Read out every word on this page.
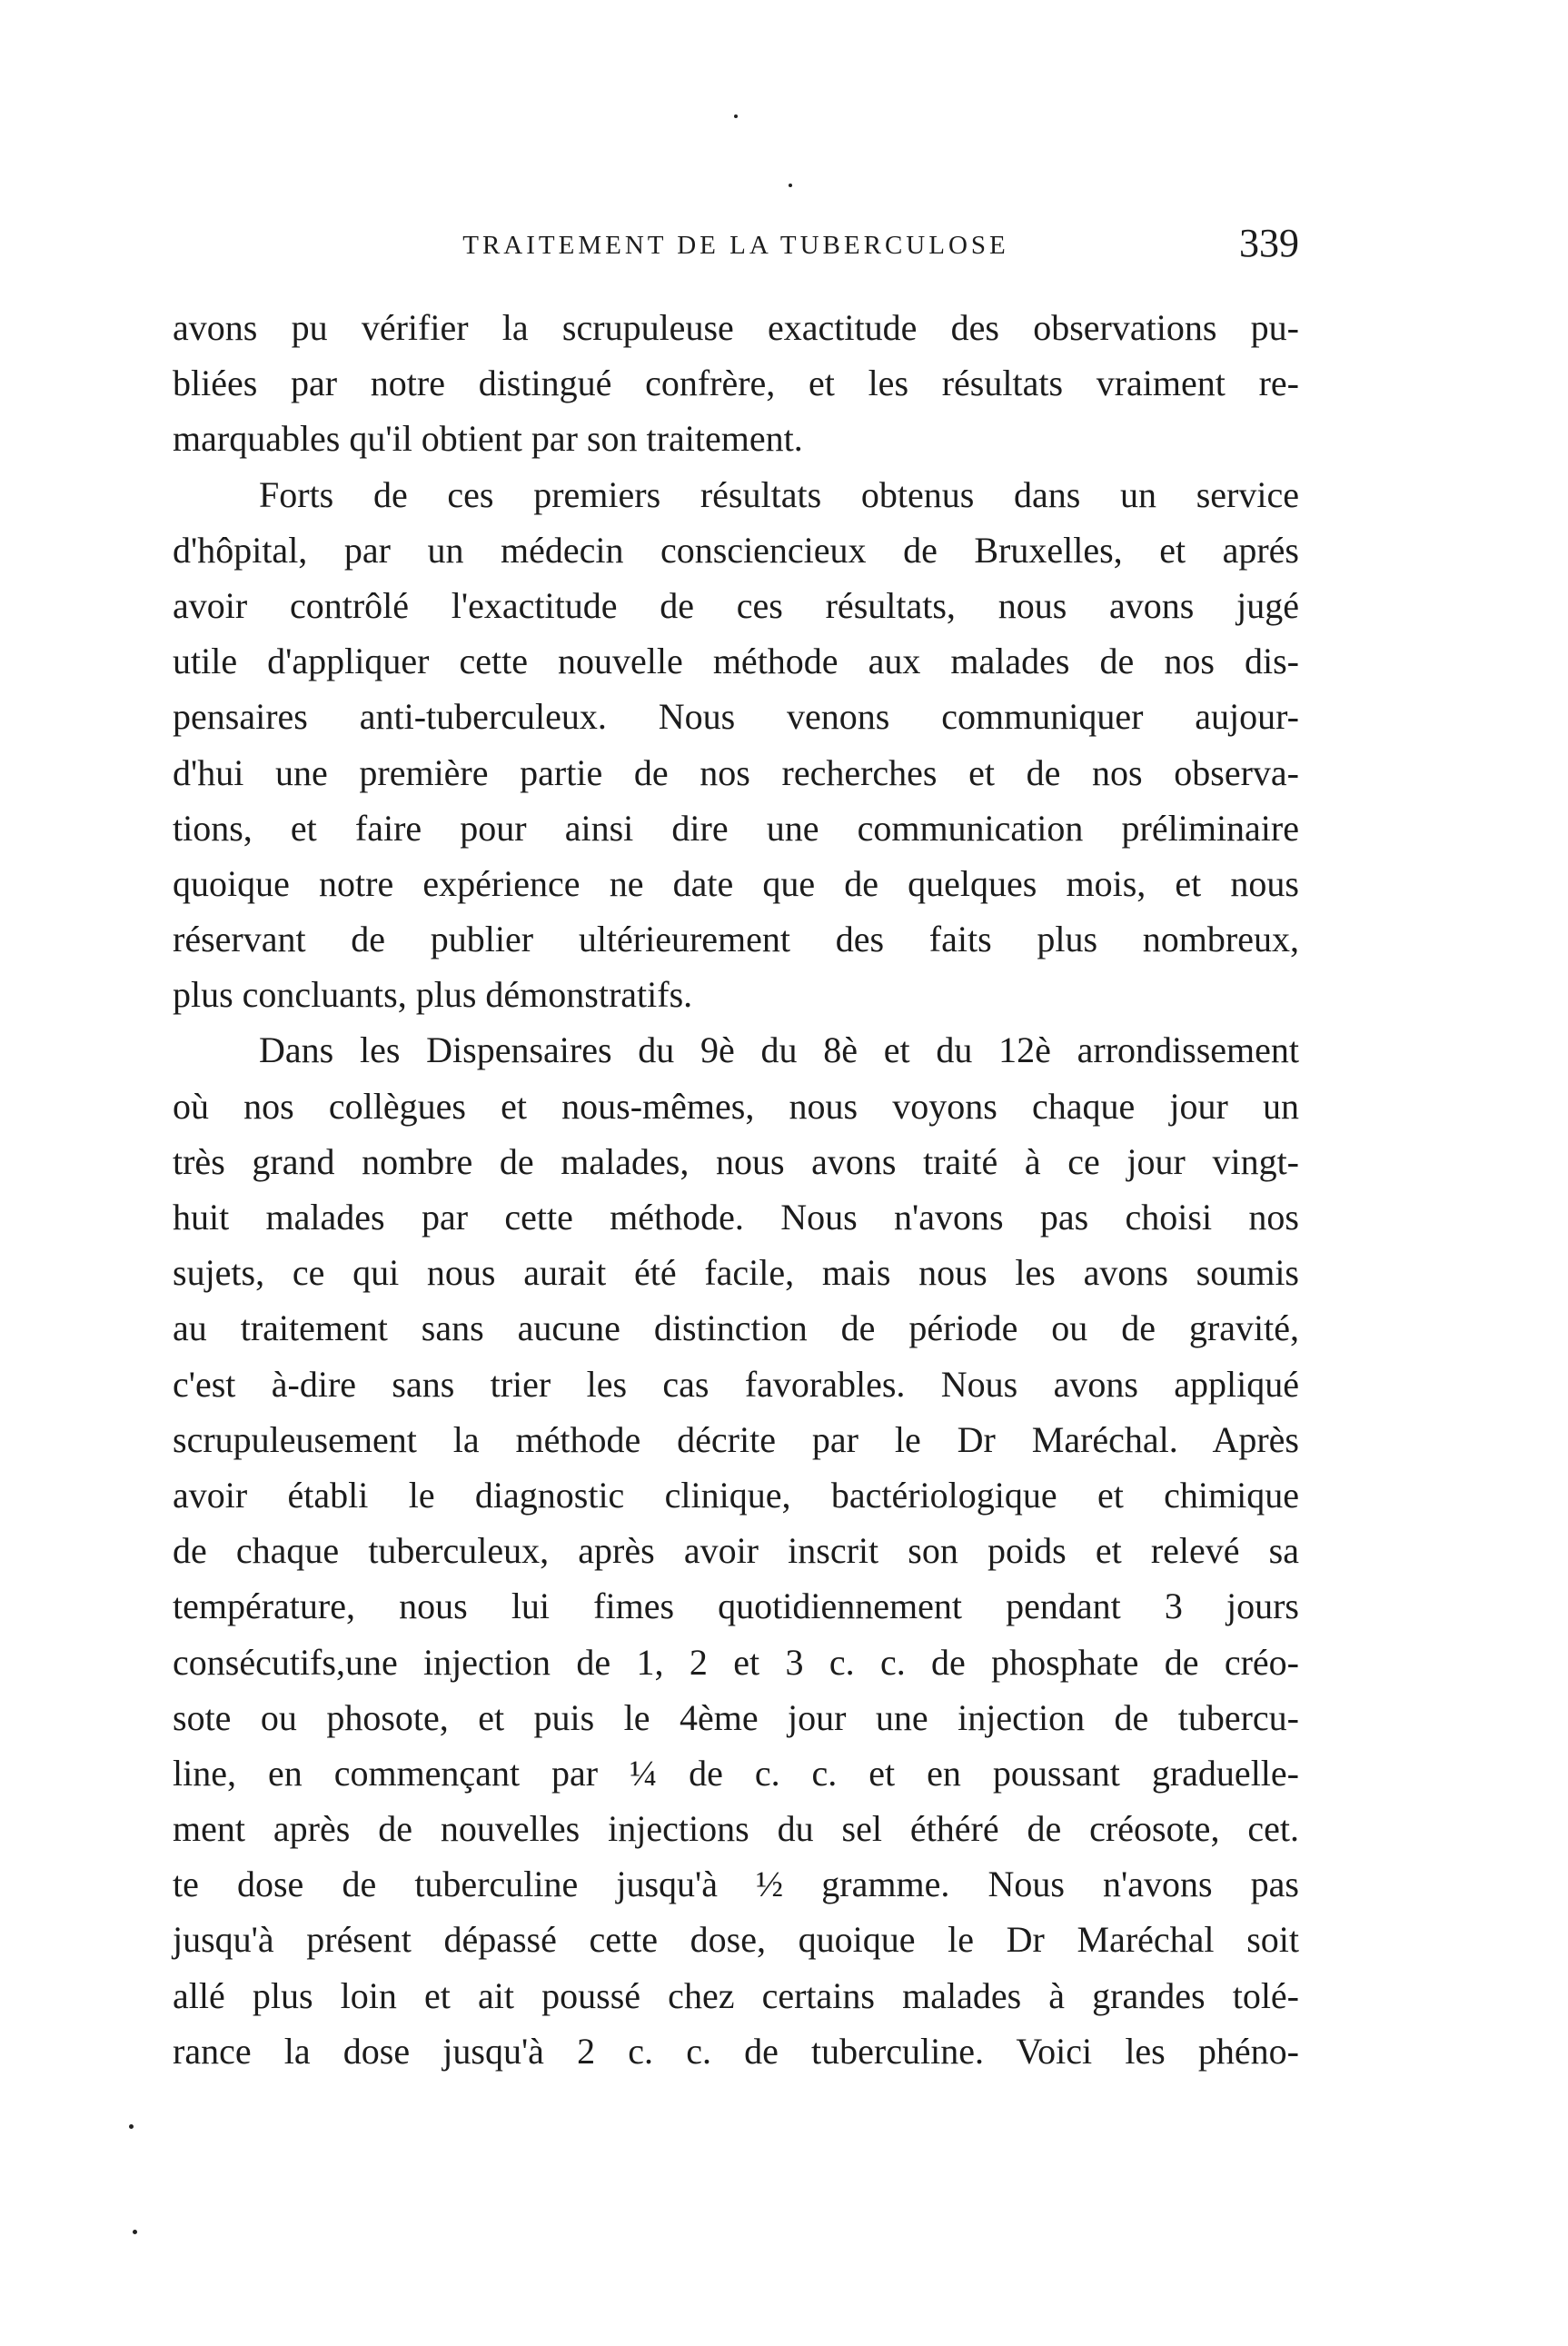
TRAITEMENT DE LA TUBERCULOSE	339
avons pu vérifier la scrupuleuse exactitude des observations pu-
bliées par notre distingué confrère, et les résultats vraiment re-
marquables qu'il obtient par son traitement.
Forts de ces premiers résultats obtenus dans un service
d'hôpital, par un médecin consciencieux de Bruxelles, et aprés
avoir contrôlé l'exactitude de ces résultats, nous avons jugé
utile d'appliquer cette nouvelle méthode aux malades de nos dis-
pensaires anti-tuberculeux. Nous venons communiquer aujour-
d'hui une première partie de nos recherches et de nos observa-
tions, et faire pour ainsi dire une communication préliminaire
quoique notre expérience ne date que de quelques mois, et nous
réservant de publier ultérieurement des faits plus nombreux,
plus concluants, plus démonstratifs.
Dans les Dispensaires du 9è du 8è et du 12è arrondissement
où nos collègues et nous-mêmes, nous voyons chaque jour un
très grand nombre de malades, nous avons traité à ce jour vingt-
huit malades par cette méthode. Nous n'avons pas choisi nos
sujets, ce qui nous aurait été facile, mais nous les avons soumis
au traitement sans aucune distinction de période ou de gravité,
c'est à-dire sans trier les cas favorables. Nous avons appliqué
scrupuleusement la méthode décrite par le Dr Maréchal. Après
avoir établi le diagnostic clinique, bactériologique et chimique
de chaque tuberculeux, après avoir inscrit son poids et relevé sa
température, nous lui fimes quotidiennement pendant 3 jours
consécutifs,une injection de 1, 2 et 3 c. c. de phosphate de créo-
sote ou phosote, et puis le 4ème jour une injection de tubercu-
line, en commençant par ¼ de c. c. et en poussant graduelle-
ment après de nouvelles injections du sel éthéré de créosote, cet.
te dose de tuberculine jusqu'à ½ gramme. Nous n'avons pas
jusqu'à présent dépassé cette dose, quoique le Dr Maréchal soit
allé plus loin et ait poussé chez certains malades à grandes tolé-
rance la dose jusqu'à 2 c. c. de tuberculine. Voici les phéno-
